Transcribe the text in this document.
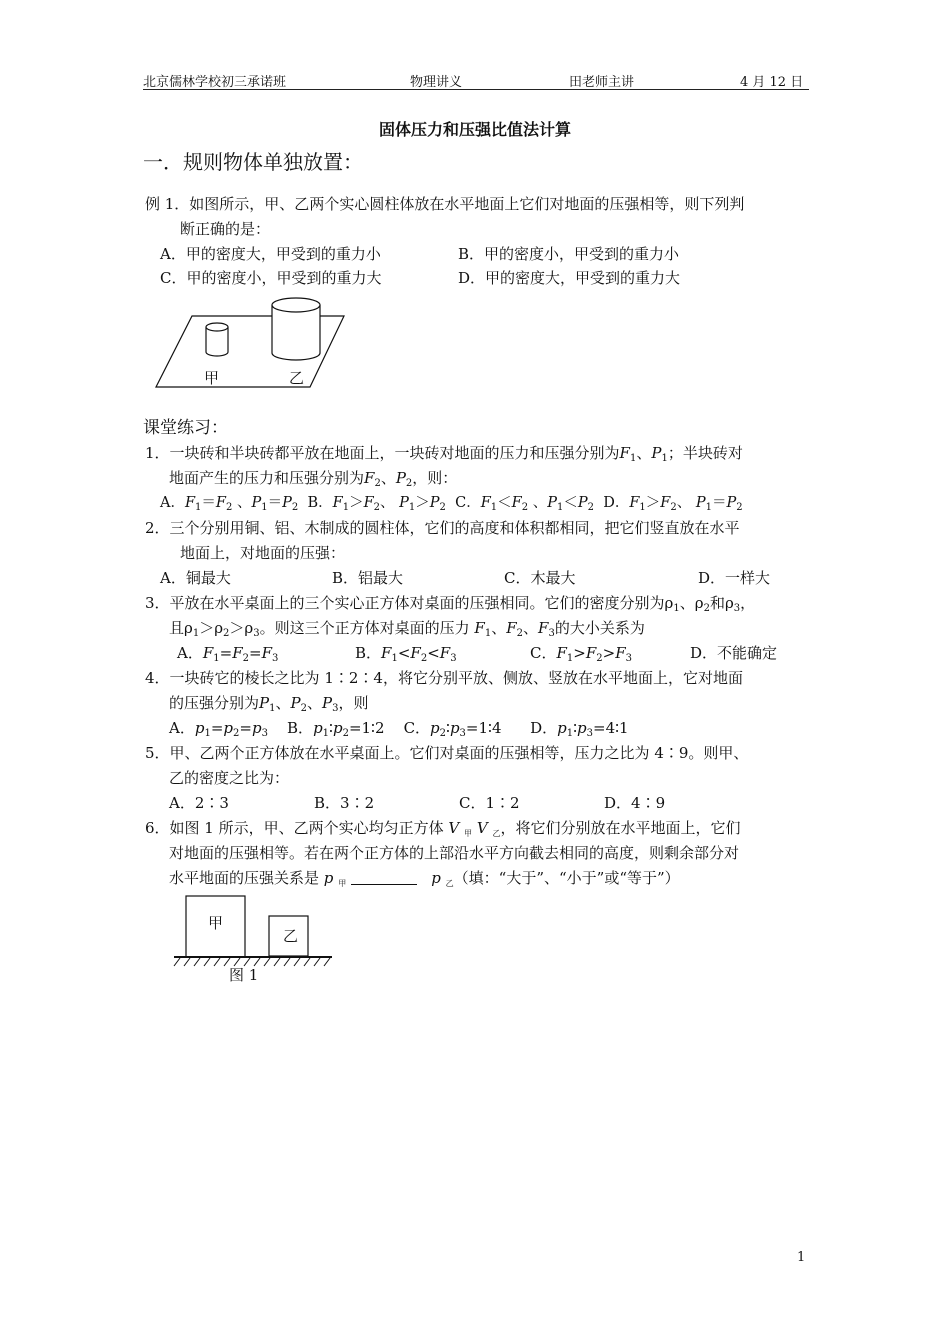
北京儒林学校初三承诺班	物理讲义	田老师主讲	4 月 12 日
固体压力和压强比值法计算
一．规则物体单独放置：
例 1．如图所示，甲、乙两个实心圆柱体放在水平地面上它们对地面的压强相等，则下列判
断正确的是：
A．甲的密度大，甲受到的重力小	B．甲的密度小，甲受到的重力小
C．甲的密度小，甲受到的重力大	D．甲的密度大，甲受到的重力大
甲	乙
课堂练习：
1．一块砖和半块砖都平放在地面上，一块砖对地面的压力和压强分别为$F_1$、$P_1$；半块砖对
地面产生的压力和压强分别为$F_2$、$P_2$，则：
A．$F_1=F_2$ 、$P_1=P_2$ B．$F_1>F_2$、 $P_1>P_2$ C．$F_1<F_2$ 、$P_1<P_2$ D．$F_1>F_2$、 $P_1=P_2$
2．三个分别用铜、铝、木制成的圆柱体，它们的高度和体积都相同，把它们竖直放在水平
地面上，对地面的压强：
A．铜最大	B．铝最大	C．木最大	D．一样大
3．平放在水平桌面上的三个实心正方体对桌面的压强相同。它们的密度分别为$\rho_1$、$\rho_2$和$\rho_3$，
且$\rho_1>\rho_2>\rho_3$。则这三个正方体对桌面的压力 $F_1$、$F_2$、$F_3$的大小关系为
A．$F_1=F_2=F_3$	B．$F_1<F_2<F_3$	C．$F_1>F_2>F_3$	D．不能确定
4．一块砖它的棱长之比为 1∶2∶4，将它分别平放、侧放、竖放在水平地面上，它对地面
的压强分别为$P_1$、$P_2$、$P_3$，则
A．$p_1=p_2=p_3$    B．$p_1∶p_2=1∶2$    C．$p_2∶p_3=1∶4$      D．$p_1∶p_3=4∶1$
5．甲、乙两个正方体放在水平桌面上。它们对桌面的压强相等，压力之比为 4∶9。则甲、
乙的密度之比为：
A．2∶3	B．3∶2	C．1∶2	D．4∶9
6．如图 1 所示，甲、乙两个实心均匀正方体 V $_甲$ V $_乙$，将它们分别放在水平地面上，它们
对地面的压强相等。若在两个正方体的上部沿水平方向截去相同的高度，则剩余部分对
水平地面的压强关系是 p $_甲$	p $_乙$（填：“大于”、“小于”或“等于”）
甲
乙
图 1
1
